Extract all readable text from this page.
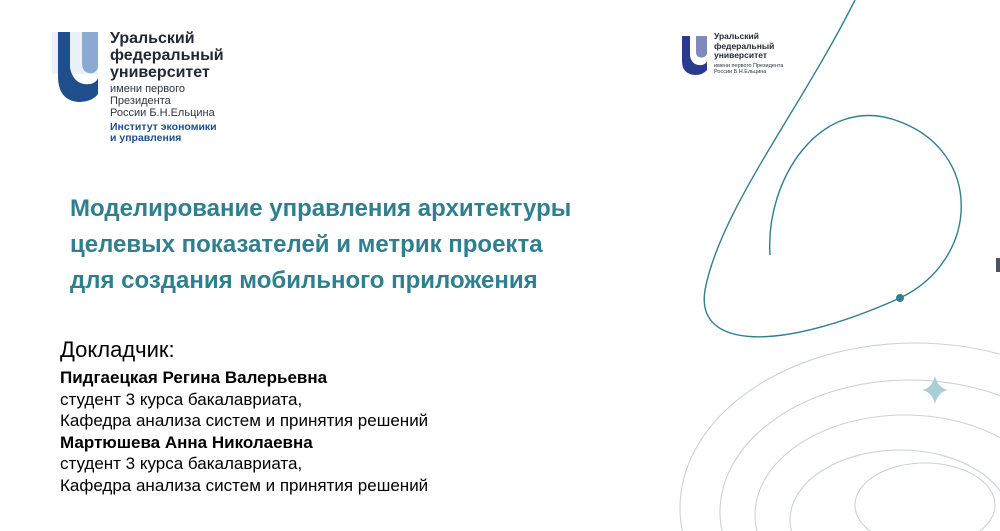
Уральский
федеральный
университет
имени первого Президента
России Б.Н.Ельцина
Институт экономики
и управления
Уральский
федеральный
университет
имени первого Президента
России Б.Н.Ельцина
Моделирование управления архитектуры
целевых показателей и метрик проекта
для создания мобильного приложения
Докладчик:
Пидгаецкая Регина Валерьевна
студент 3 курса бакалавриата,
Кафедра анализа систем и принятия решений
Мартюшева Анна Николаевна
студент 3 курса бакалавриата,
Кафедра анализа систем и принятия решений
